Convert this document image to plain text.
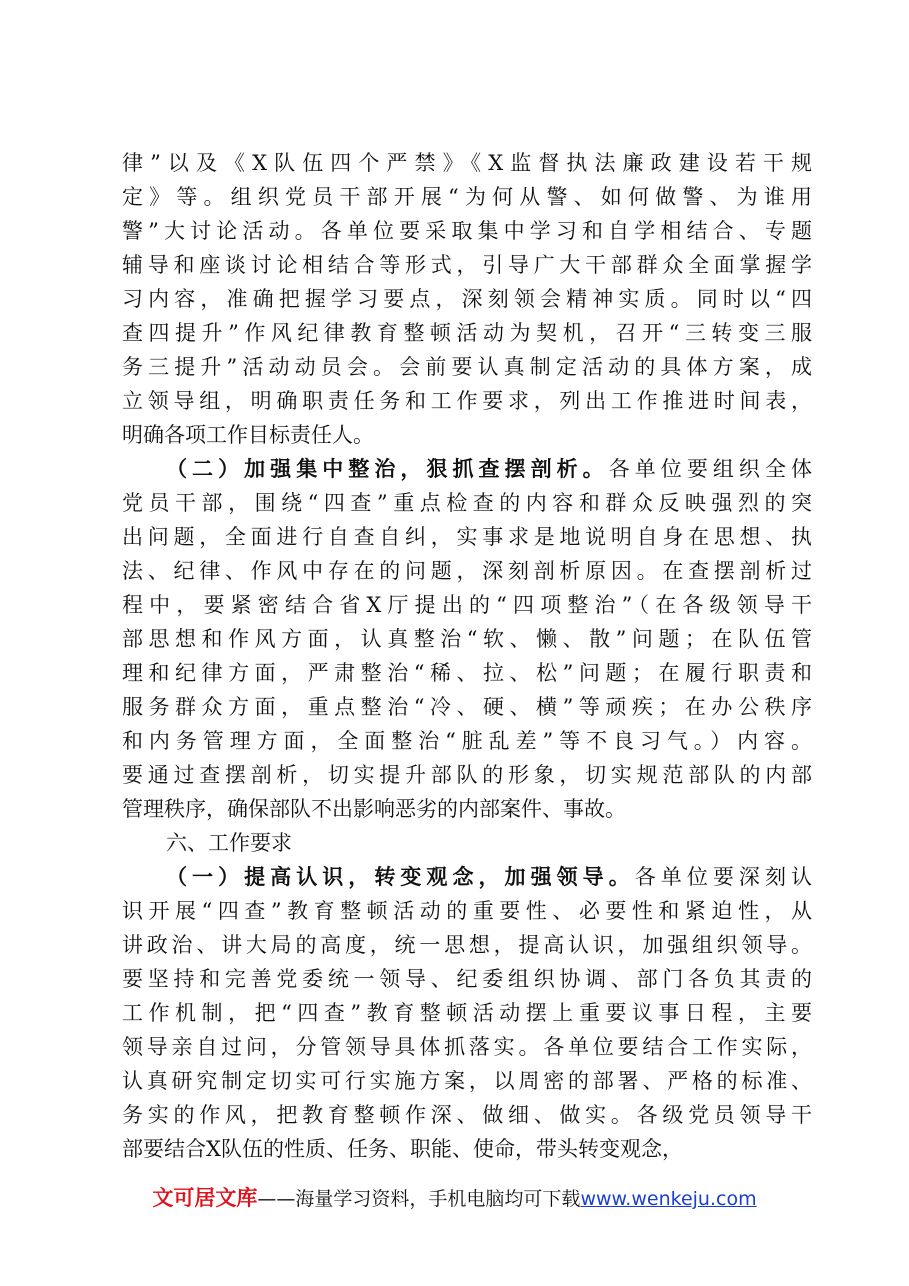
律”以及《X队伍四个严禁》《X监督执法廉政建设若干规
定》等。组织党员干部开展“为何从警、如何做警、为谁用
警”大讨论活动。各单位要采取集中学习和自学相结合、专题
辅导和座谈讨论相结合等形式，引导广大干部群众全面掌握学
习内容，准确把握学习要点，深刻领会精神实质。同时以“四
查四提升”作风纪律教育整顿活动为契机，召开“三转变三服
务三提升”活动动员会。会前要认真制定活动的具体方案，成
立领导组，明确职责任务和工作要求，列出工作推进时间表，
明确各项工作目标责任人。
（二）加强集中整治，狠抓查摆剖析。各单位要组织全体
党员干部，围绕“四查”重点检查的内容和群众反映强烈的突
出问题，全面进行自查自纠，实事求是地说明自身在思想、执
法、纪律、作风中存在的问题，深刻剖析原因。在查摆剖析过
程中，要紧密结合省X厅提出的“四项整治”（在各级领导干
部思想和作风方面，认真整治“软、懒、散”问题；在队伍管
理和纪律方面，严肃整治“稀、拉、松”问题；在履行职责和
服务群众方面，重点整治“冷、硬、横”等顽疾；在办公秩序
和内务管理方面，全面整治“脏乱差”等不良习气。）内容。
要通过查摆剖析，切实提升部队的形象，切实规范部队的内部
管理秩序，确保部队不出影响恶劣的内部案件、事故。
六、工作要求
（一）提高认识，转变观念，加强领导。各单位要深刻认
识开展“四查”教育整顿活动的重要性、必要性和紧迫性，从
讲政治、讲大局的高度，统一思想，提高认识，加强组织领导。
要坚持和完善党委统一领导、纪委组织协调、部门各负其责的
工作机制，把“四查”教育整顿活动摆上重要议事日程，主要
领导亲自过问，分管领导具体抓落实。各单位要结合工作实际，
认真研究制定切实可行实施方案，以周密的部署、严格的标准、
务实的作风，把教育整顿作深、做细、做实。各级党员领导干
部要结合X队伍的性质、任务、职能、使命，带头转变观念，
文可居文库——海量学习资料，手机电脑均可下载www.wenkeju.com
